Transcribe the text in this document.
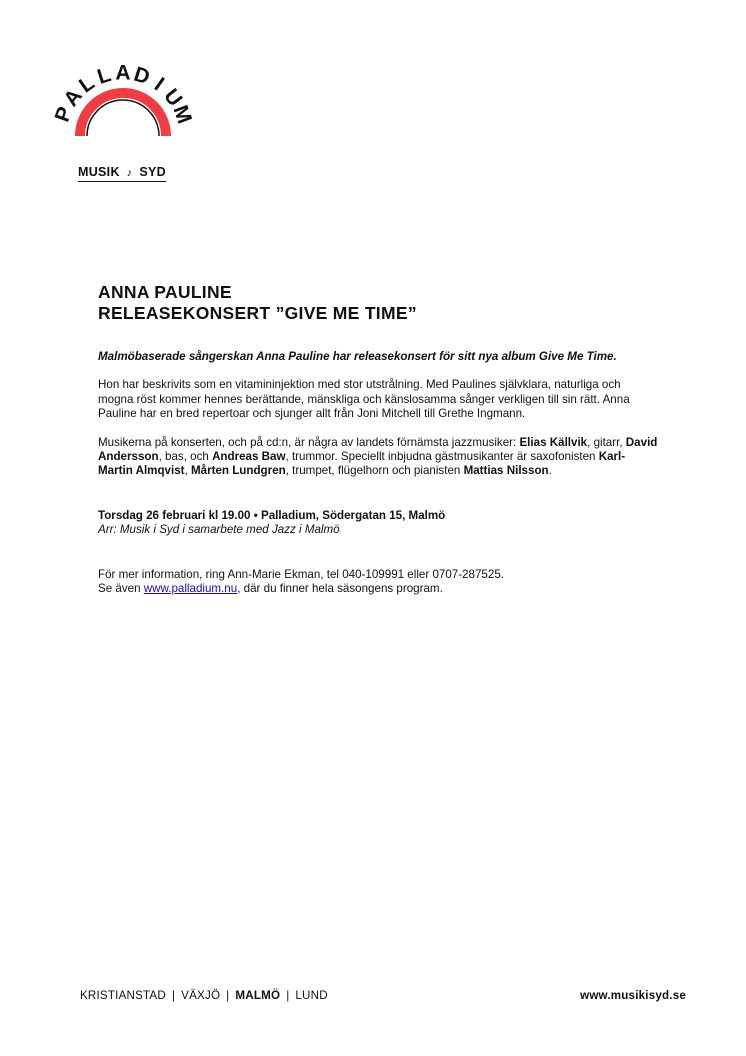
P
A
L
L A D
I
U
M
MUSIK ♪ SYD
ANNA PAULINE
RELEASEKONSERT ”GIVE ME TIME”

Malmöbaserade sångerskan Anna Pauline har releasekonsert för sitt nya album Give Me Time.

Hon har beskrivits som en vitamininjektion med stor utstrålning. Med Paulines självklara, naturliga och mogna röst kommer hennes berättande, mänskliga och känslosamma sånger verkligen till sin rätt. Anna Pauline har en bred repertoar och sjunger allt från Joni Mitchell till Grethe Ingmann.

Musikerna på konserten, och på cd:n, är några av landets förnämsta jazzmusiker: Elias Källvik, gitarr, David Andersson, bas, och Andreas Baw, trummor. Speciellt inbjudna gästmusikanter är saxofonisten Karl-Martin Almqvist, Mårten Lundgren, trumpet, flügelhorn och pianisten Mattias Nilsson.

Torsdag 26 februari kl 19.00 • Palladium, Södergatan 15, Malmö

Arr: Musik i Syd i samarbete med Jazz i Malmö

För mer information, ring Ann-Marie Ekman, tel 040-109991 eller 0707-287525.

Se även www.palladium.nu, där du finner hela säsongens program.

KRISTIANSTAD | VÄXJÖ | MALMÖ | LUND	www.musikisyd.se
